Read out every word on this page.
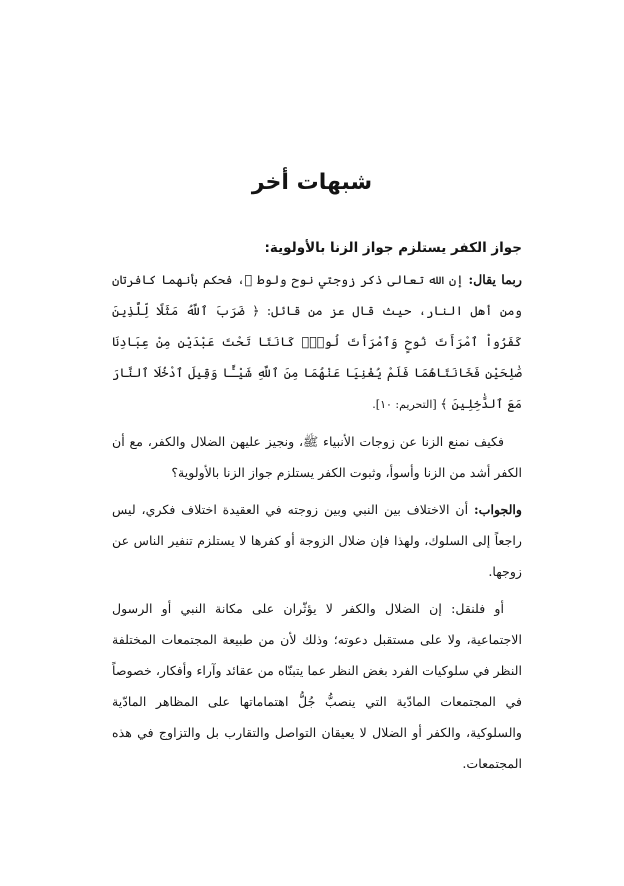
شبهات أخر
جواز الكفر يستلزم جواز الزنا بالأولوية:

ربما يقال: إن الله تعالى ذكر زوجتي نوح ولوط ﷺ، فحكم بأنهما كافرتان ومن أهل النار، حيث قال عز من قائل: ﴿ ضَرَبَ ٱللَّهُ مَثَلًا لِّلَّذِينَ كَفَرُواْ ٱمْرَأَتَ نُوحٍ وَٱمْرَأَتَ لُوطٍۖ كَانَتَا تَحْتَ عَبْدَيْنِ مِنْ عِبَادِنَا صَٰلِحَيْنِ فَخَانَتَاهُمَا فَلَمْ يُغْنِيَا عَنْهُمَا مِنَ ٱللَّهِ شَيْـًٔا وَقِيلَ ٱدْخُلَا ٱلنَّارَ مَعَ ٱلدَّٰخِلِينَ ﴾ [التحريم: ١٠].

فكيف نمنع الزنا عن زوجات الأنبياء ﷺ، ونجيز عليهن الضلال والكفر، مع أن الكفر أشد من الزنا وأسوأ، وثبوت الكفر يستلزم جواز الزنا بالأولوية؟

والجواب: أن الاختلاف بين النبي وبين زوجته في العقيدة اختلاف فكري، ليس راجعاً إلى السلوك، ولهذا فإن ضلال الزوجة أو كفرها لا يستلزم تنفير الناس عن زوجها.

أو فلنقل: إن الضلال والكفر لا يؤثّران على مكانة النبي أو الرسول الاجتماعية، ولا على مستقبل دعوته؛ وذلك لأن من طبيعة المجتمعات المختلفة النظر في سلوكيات الفرد بغض النظر عما يتبنّاه من عقائد وآراء وأفكار، خصوصاً في المجتمعات المادّية التي ينصبُّ جُلُّ اهتماماتها على المظاهر المادّية والسلوكية، والكفر أو الضلال لا يعيقان التواصل والتقارب بل والتزاوج في هذه المجتمعات.
